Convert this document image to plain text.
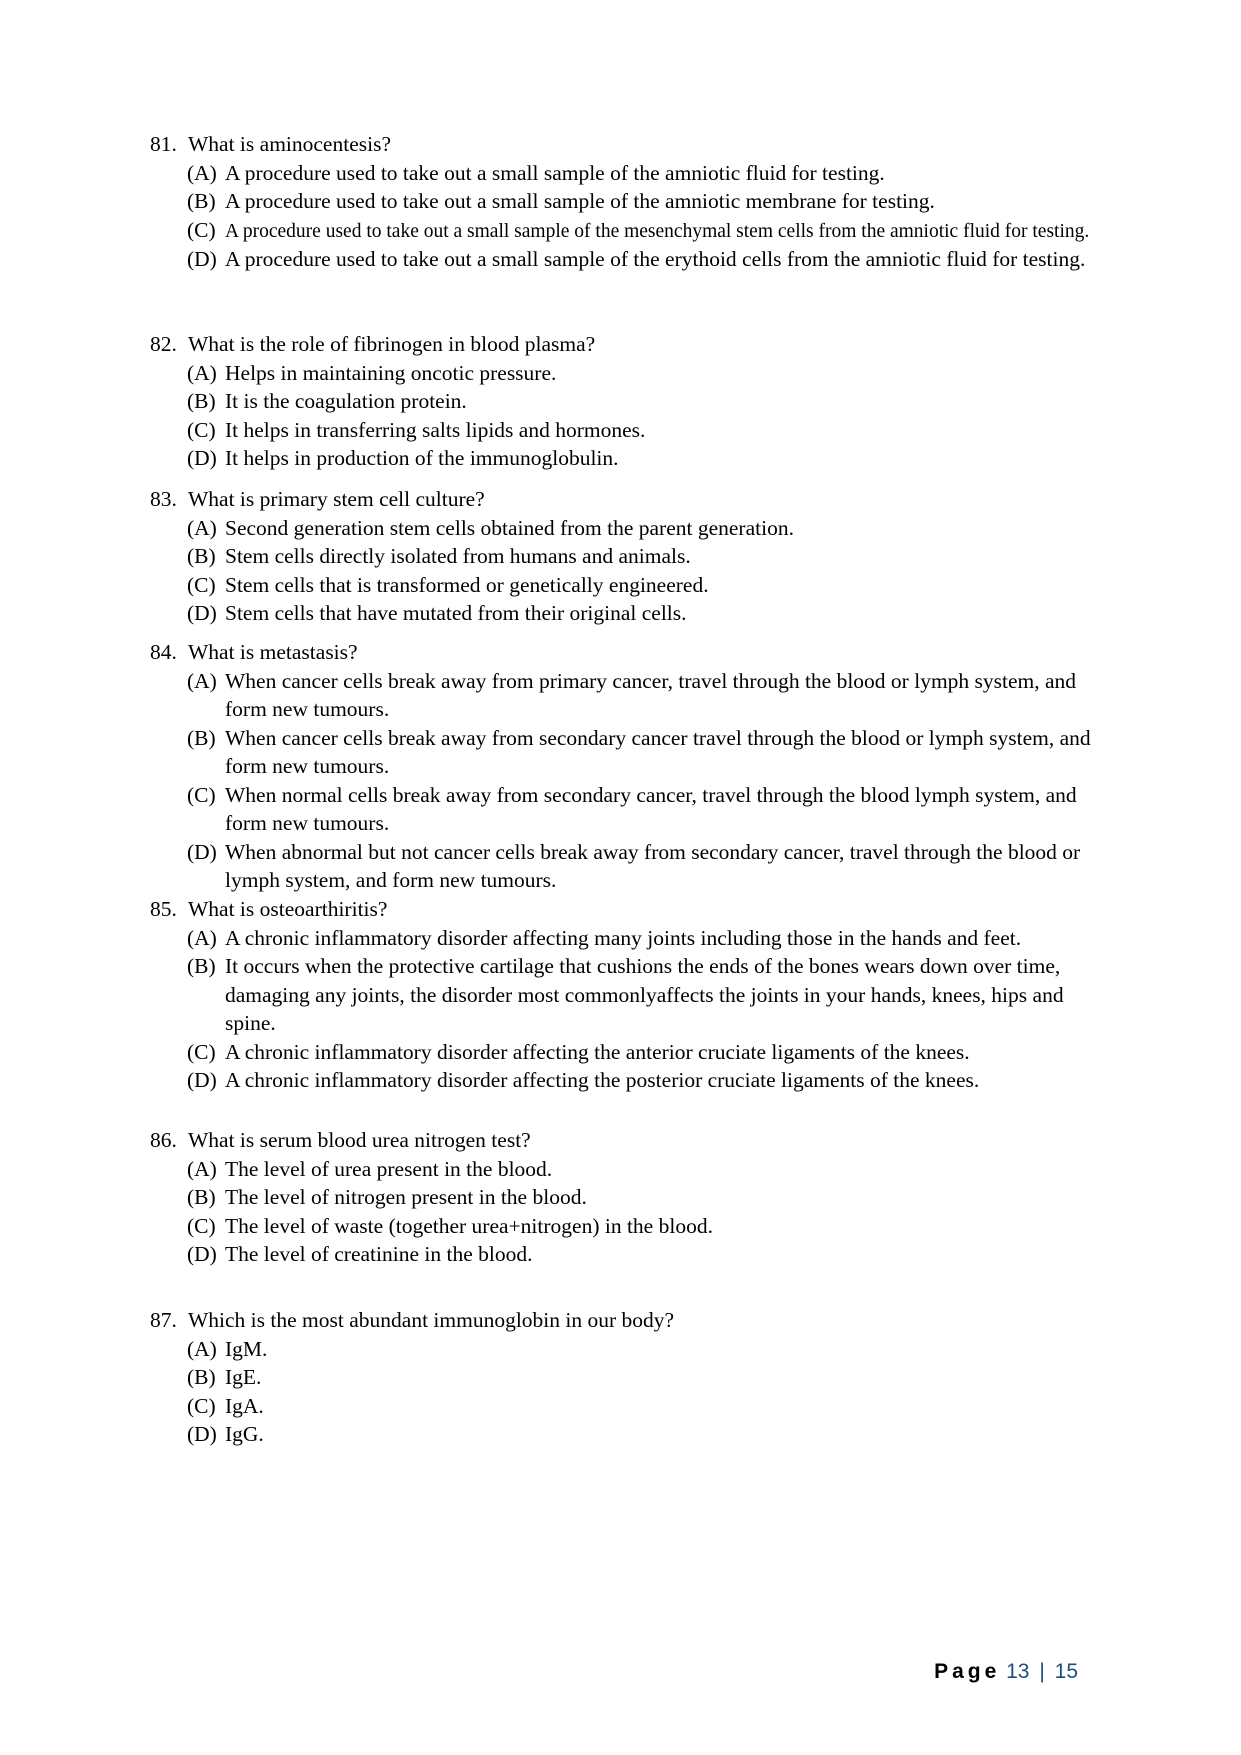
81. What is aminocentesis?
(A) A procedure used to take out a small sample of the amniotic fluid for testing.
(B) A procedure used to take out a small sample of the amniotic membrane for testing.
(C) A procedure used to take out a small sample of the mesenchymal stem cells from the amniotic fluid for testing.
(D) A procedure used to take out a small sample of the erythoid cells from the amniotic fluid for testing.
82. What is the role of fibrinogen in blood plasma?
(A) Helps in maintaining oncotic pressure.
(B) It is the coagulation protein.
(C) It helps in transferring salts lipids and hormones.
(D) It helps in production of the immunoglobulin.
83. What is primary stem cell culture?
(A) Second generation stem cells obtained from the parent generation.
(B) Stem cells directly isolated from humans and animals.
(C) Stem cells that is transformed or genetically engineered.
(D) Stem cells that have mutated from their original cells.
84. What is metastasis?
(A) When cancer cells break away from primary cancer, travel through the blood or lymph system, and form new tumours.
(B) When cancer cells break away from secondary cancer travel through the blood or lymph system, and form new tumours.
(C) When normal cells break away from secondary cancer, travel through the blood lymph system, and form new tumours.
(D) When abnormal but not cancer cells break away from secondary cancer, travel through the blood or lymph system, and form new tumours.
85. What is osteoarthiritis?
(A) A chronic inflammatory disorder affecting many joints including those in the hands and feet.
(B) It occurs when the protective cartilage that cushions the ends of the bones wears down over time, damaging any joints, the disorder most commonlyaffects the joints in your hands, knees, hips and spine.
(C) A chronic inflammatory disorder affecting the anterior cruciate ligaments of the knees.
(D) A chronic inflammatory disorder affecting the posterior cruciate ligaments of the knees.
86. What is serum blood urea nitrogen test?
(A) The level of urea present in the blood.
(B) The level of nitrogen present in the blood.
(C) The level of waste (together urea+nitrogen) in the blood.
(D) The level of creatinine in the blood.
87. Which is the most abundant immunoglobin in our body?
(A) IgM.
(B) IgE.
(C) IgA.
(D) IgG.
Page 13 | 15
